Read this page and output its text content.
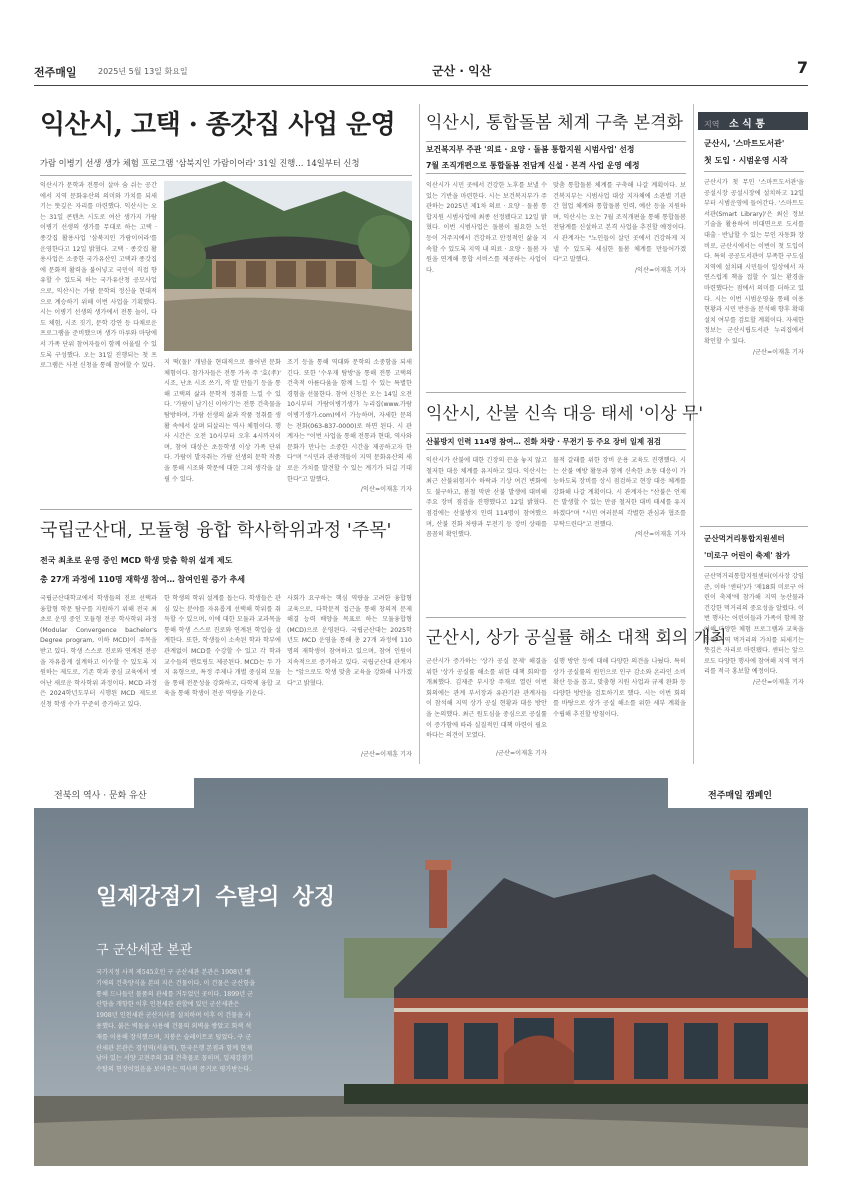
전주매일	2025년 5월 13일 화요일	군산 · 익산	7
익산시, 고택 · 종갓집 사업 운영
가람 이병기 선생 생가 체험 프로그램 '삼북지인 가람이어라' 31일 진행… 14일부터 신청
익산시가 문학과 전통이 살아 숨 쉬는 공간에서 지역 문화유산의 의미와 가치를 되새기는 뜻깊은 자리를 마련했다. 익산시는 오는 31일 콘텐츠 시도로 여산 생가지 가람 이병기 선생의 생가를 무대로 하는 고택 · 종갓집 활용사업 '삼북지인 가람이어라'를 운영한다고 12일 밝혔다. 고택 · 종갓집 활용사업은 소중한 국가유산인 고택과 종갓집에 문화적 활력을 불어넣고 국민이 직접 향유할 수 있도록 하는 국가유산청 공모사업으로, 익산시는 가람 문학의 정신을 현대적으로 계승하기 위해 이번 사업을 기획했다. 시는 이병기 선생의 생가에서 전통 놀이, 다도 체험, 시조 짓기, 문학 강연 등 다채로운 프로그램을 준비했으며 생가 마루와 마당에서 가족 단위 참여자들이 함께 어울릴 수 있도록 구성했다. 오는 31일 진행되는 첫 프로그램은 사전 신청을 통해 참여할 수 있다. 지 떡(돌)' 개념을 현대적으로 풀어낸 문화 체험이다. 참가자들은 전통 가옥 주 '효(孝)' 시조, 난초 시조 쓰기, 작 발 만들기 등을 통해 고택의 삶과 문학적 정취를 느낄 수 있다. '가람이 남기신 이야기'는 전통 건축물을 탐방하며, 가람 선생의 삶과 작품 정취를 생활 속에서 살펴 되살리는 역사 체험이다. 행사 시간은 오전 10시부터 오후 4시까지이며, 참여 대상은 초등학생 이상 가족 단위다. 가람이 발자취는 가람 선생의 문학 작품을 통해 시조와 학문에 대한 그의 생각을 살필 수 있다.
조기 등을 통해 역대와 문학의 소중함을 되새긴다. 또한 '수우재 탐방'을 통해 전통 고택의 건축적 아름다움을 함께 느낄 수 있는 특별한 경험을 선물한다. 참여 신청은 오는 14일 오전 10시부터 가람이병기생가 누리집(www.가람이병기생가.com)에서 가능하며, 자세한 문의는 전화(063-837-0000)로 하면 된다. 시 관계자는 "이번 사업을 통해 전통과 현대, 역사와 문화가 만나는 소중한 시간을 제공하고자 한다"며 "시민과 관광객들이 지역 문화유산의 새로운 가치를 발견할 수 있는 계기가 되길 기대한다"고 말했다.
/익산=이재훈 기자
국립군산대, 모듈형 융합 학사학위과정 '주목'
전국 최초로 운영 중인 MCD 학생 맞춤 학위 설계 제도
총 27개 과정에 110명 재학생 참여… 참여인원 증가 추세
국립군산대학교에서 학생들의 진로 선택과 융합형 학문 탐구를 지원하기 위해 전국 최초로 운영 중인 모듈형 전공 학사학위 과정(Modular Convergence bachelor's Degree program, 이하 MCD)이 주목을 받고 있다. 학생 스스로 진로와 연계된 전공을 자유롭게 설계하고 이수할 수 있도록 지원하는 제도로, 기존 학과 중심 교육에서 벗어난 새로운 학사학위 과정이다. MCD 과정은 2024학년도부터 시행된 MCD 제도로 신청 학생 수가 꾸준히 증가하고 있다.
한 학생의 학위 설계를 돕는다. 학생들은 관심 있는 분야를 자유롭게 선택해 학위를 취득할 수 있으며, 이에 대한 모듈과 교과목을 통해 학생 스스로 진로와 연계된 학업을 설계한다. 또한, 학생들이 소속된 학과 학부에 관계없이 MCD를 수강할 수 있고 각 학과 교수들의 멘토링도 제공된다. MCD는 두 가지 유형으로, 특정 주제나 개별 중심의 모듈을 통해 전문성을 강화하고, 다학제 융합 교육을 통해 학생이 전공 역량을 키운다.
사회가 요구하는 핵심 역량을 고려한 융합형 교육으로, 다학문적 접근을 통해 창의적 문제해결 능력 배양을 목표로 하는 모듈융합형(MCD)으로 운영된다. 국립군산대는 2025학년도 MCD 운영을 통해 총 27개 과정에 110명의 재학생이 참여하고 있으며, 참여 인원이 지속적으로 증가하고 있다. 국립군산대 관계자는 "앞으로도 학생 맞춤 교육을 강화해 나가겠다"고 밝혔다.
/군산=이재훈 기자
익산시, 통합돌봄 체계 구축 본격화
보건복지부 주관 '의료 · 요양 · 돌봄 통합지원 시범사업' 선정
7월 조직개편으로 통합돌봄 전담계 신설 · 본격 사업 운영 예정
익산시가 시민 곳에서 건강한 노후를 보낼 수 있는 기반을 마련한다. 시는 보건복지부가 주관하는 2025년 제1차 의료 · 요양 · 돌봄 통합지원 시범사업에 최종 선정됐다고 12일 밝혔다. 이번 시범사업은 돌봄이 필요한 노인 등이 거주지에서 건강하고 안정적인 삶을 지속할 수 있도록 지역 내 의료 · 요양 · 돌봄 자원을 연계해 통합 서비스를 제공하는 사업이다.
맞춤 통합돌봄 체계를 구축해 나갈 계획이다. 보건복지부는 시범사업 대상 지자체에 소관별 기관 간 협업 체계와 통합돌봄 인력, 예산 등을 지원하며, 익산시는 오는 7월 조직개편을 통해 통합돌봄 전담계를 신설하고 본격 사업을 추진할 예정이다. 시 관계자는 "노인들이 살던 곳에서 건강하게 지낼 수 있도록 세심한 돌봄 체계를 만들어가겠다"고 말했다.
/익산=이재훈 기자
익산시, 산불 신속 대응 태세 '이상 무'
산불방지 인력 114명 참여… 진화 차량 · 무전기 등 주요 장비 일제 점검
익산시가 산불에 대한 긴장의 끈을 놓지 않고 철저한 대응 체계를 유지하고 있다. 익산시는 최근 산불위험지수 하락과 기상 여건 변화에도 불구하고, 봄철 막판 산불 발생에 대비해 주요 장비 점검을 진행했다고 12일 밝혔다. 점검에는 산불방지 인력 114명이 참여했으며, 산불 진화 차량과 무전기 등 장비 상태를 꼼꼼히 확인했다.
물적 갈래를 위한 장비 운용 교육도 진행했다. 시는 산불 예방 활동과 함께 신속한 초동 대응이 가능하도록 장비를 상시 점검하고 현장 대응 체계를 강화해 나갈 계획이다. 시 관계자는 "산불은 언제든 발생할 수 있는 만큼 철저한 대비 태세를 유지하겠다"며 "시민 여러분의 각별한 관심과 협조를 부탁드린다"고 전했다.
/익산=이재훈 기자
군산시, 상가 공실률 해소 대책 회의 개최
군산시가 증가하는 '상가 공실 문제' 해결을 위한 '상가 공실률 해소를 위한 대책 회의'를 개최했다. 김제준 부시장 주재로 열린 이번 회의에는 관계 부서장과 유관기관 관계자들이 참석해 지역 상가 공실 현황과 대응 방안을 논의했다. 최근 원도심을 중심으로 공실률이 증가함에 따라 실질적인 대책 마련이 필요하다는 의견이 모였다.
실행 방안 등에 대해 다양한 의견을 나눴다. 특히 상가 공실률의 원인으로 인구 감소와 온라인 소비 확산 등을 꼽고, 맞춤형 지원 사업과 규제 완화 등 다양한 방안을 검토하기로 했다. 시는 이번 회의를 바탕으로 상가 공실 해소를 위한 세부 계획을 수립해 추진할 방침이다.
/군산=이재훈 기자
지역 소 식 통
군산시, '스마트도서관'
첫 도입 · 시범운영 시작
군산시가 첫 무인 '스마트도서관'을 공설시장 공설시장에 설치하고 12일부터 시범운영에 들어간다. '스마트도서관(Smart Library)'은 최신 정보기술을 활용하여 비대면으로 도서를 대출 · 반납할 수 있는 무인 자동화 장비로, 군산시에서는 이번이 첫 도입이다. 특히 공공도서관이 부족한 구도심 지역에 설치돼 시민들이 일상에서 자연스럽게 책을 접할 수 있는 환경을 마련했다는 점에서 의미를 더하고 있다. 시는 이번 시범운영을 통해 이용 현황과 시민 반응을 분석해 향후 확대 설치 여부를 검토할 계획이다. 자세한 정보는 군산시립도서관 누리집에서 확인할 수 있다.
/군산=이재훈 기자
군산먹거리통합지원센터
'미로구 어린이 축제' 참가
군산먹거리통합지원센터(이사장 강임준, 이하 '센터')가 '제18회 미로구 어린이 축제'에 참가해 지역 농산물과 건강한 먹거리의 중요성을 알렸다. 이번 행사는 어린이들과 가족이 함께 참여해 다양한 체험 프로그램과 교육을 통해 지역 먹거리의 가치를 되새기는 뜻깊은 자리로 마련됐다. 센터는 앞으로도 다양한 행사에 참여해 지역 먹거리를 적극 홍보할 예정이다.
/군산=이재훈 기자
전북의 역사 · 문화 유산	전주매일 캠페인
일제강점기 수탈의 상징
구 군산세관 본관
국가지정 사적 제545호인 구 군산세관 본관은 1908년 벨기에의 건축양식을 본떠 지은 건물이다. 이 건물은 군산항을 통해 드나들던 물품의 관세를 거두었던 곳이다. 1899년 군산항을 개항한 이후 인천세관 관할에 있던 군산세관은 1908년 인천세관 군산지사를 설치하며 이후 이 건물을 사용했다. 붉은 벽돌을 사용해 건물의 외벽을 쌓았고 회색 석재를 이용해 장식했으며, 지붕은 슬레이트로 덮었다. 구 군산세관 본관은 경성역(서울역), 한국은행 본점과 함께 현재 남아 있는 서양 고전주의 3대 건축물로 꼽히며, 일제강점기 수탈의 현장이었음을 보여주는 역사적 증거로 평가받는다.
